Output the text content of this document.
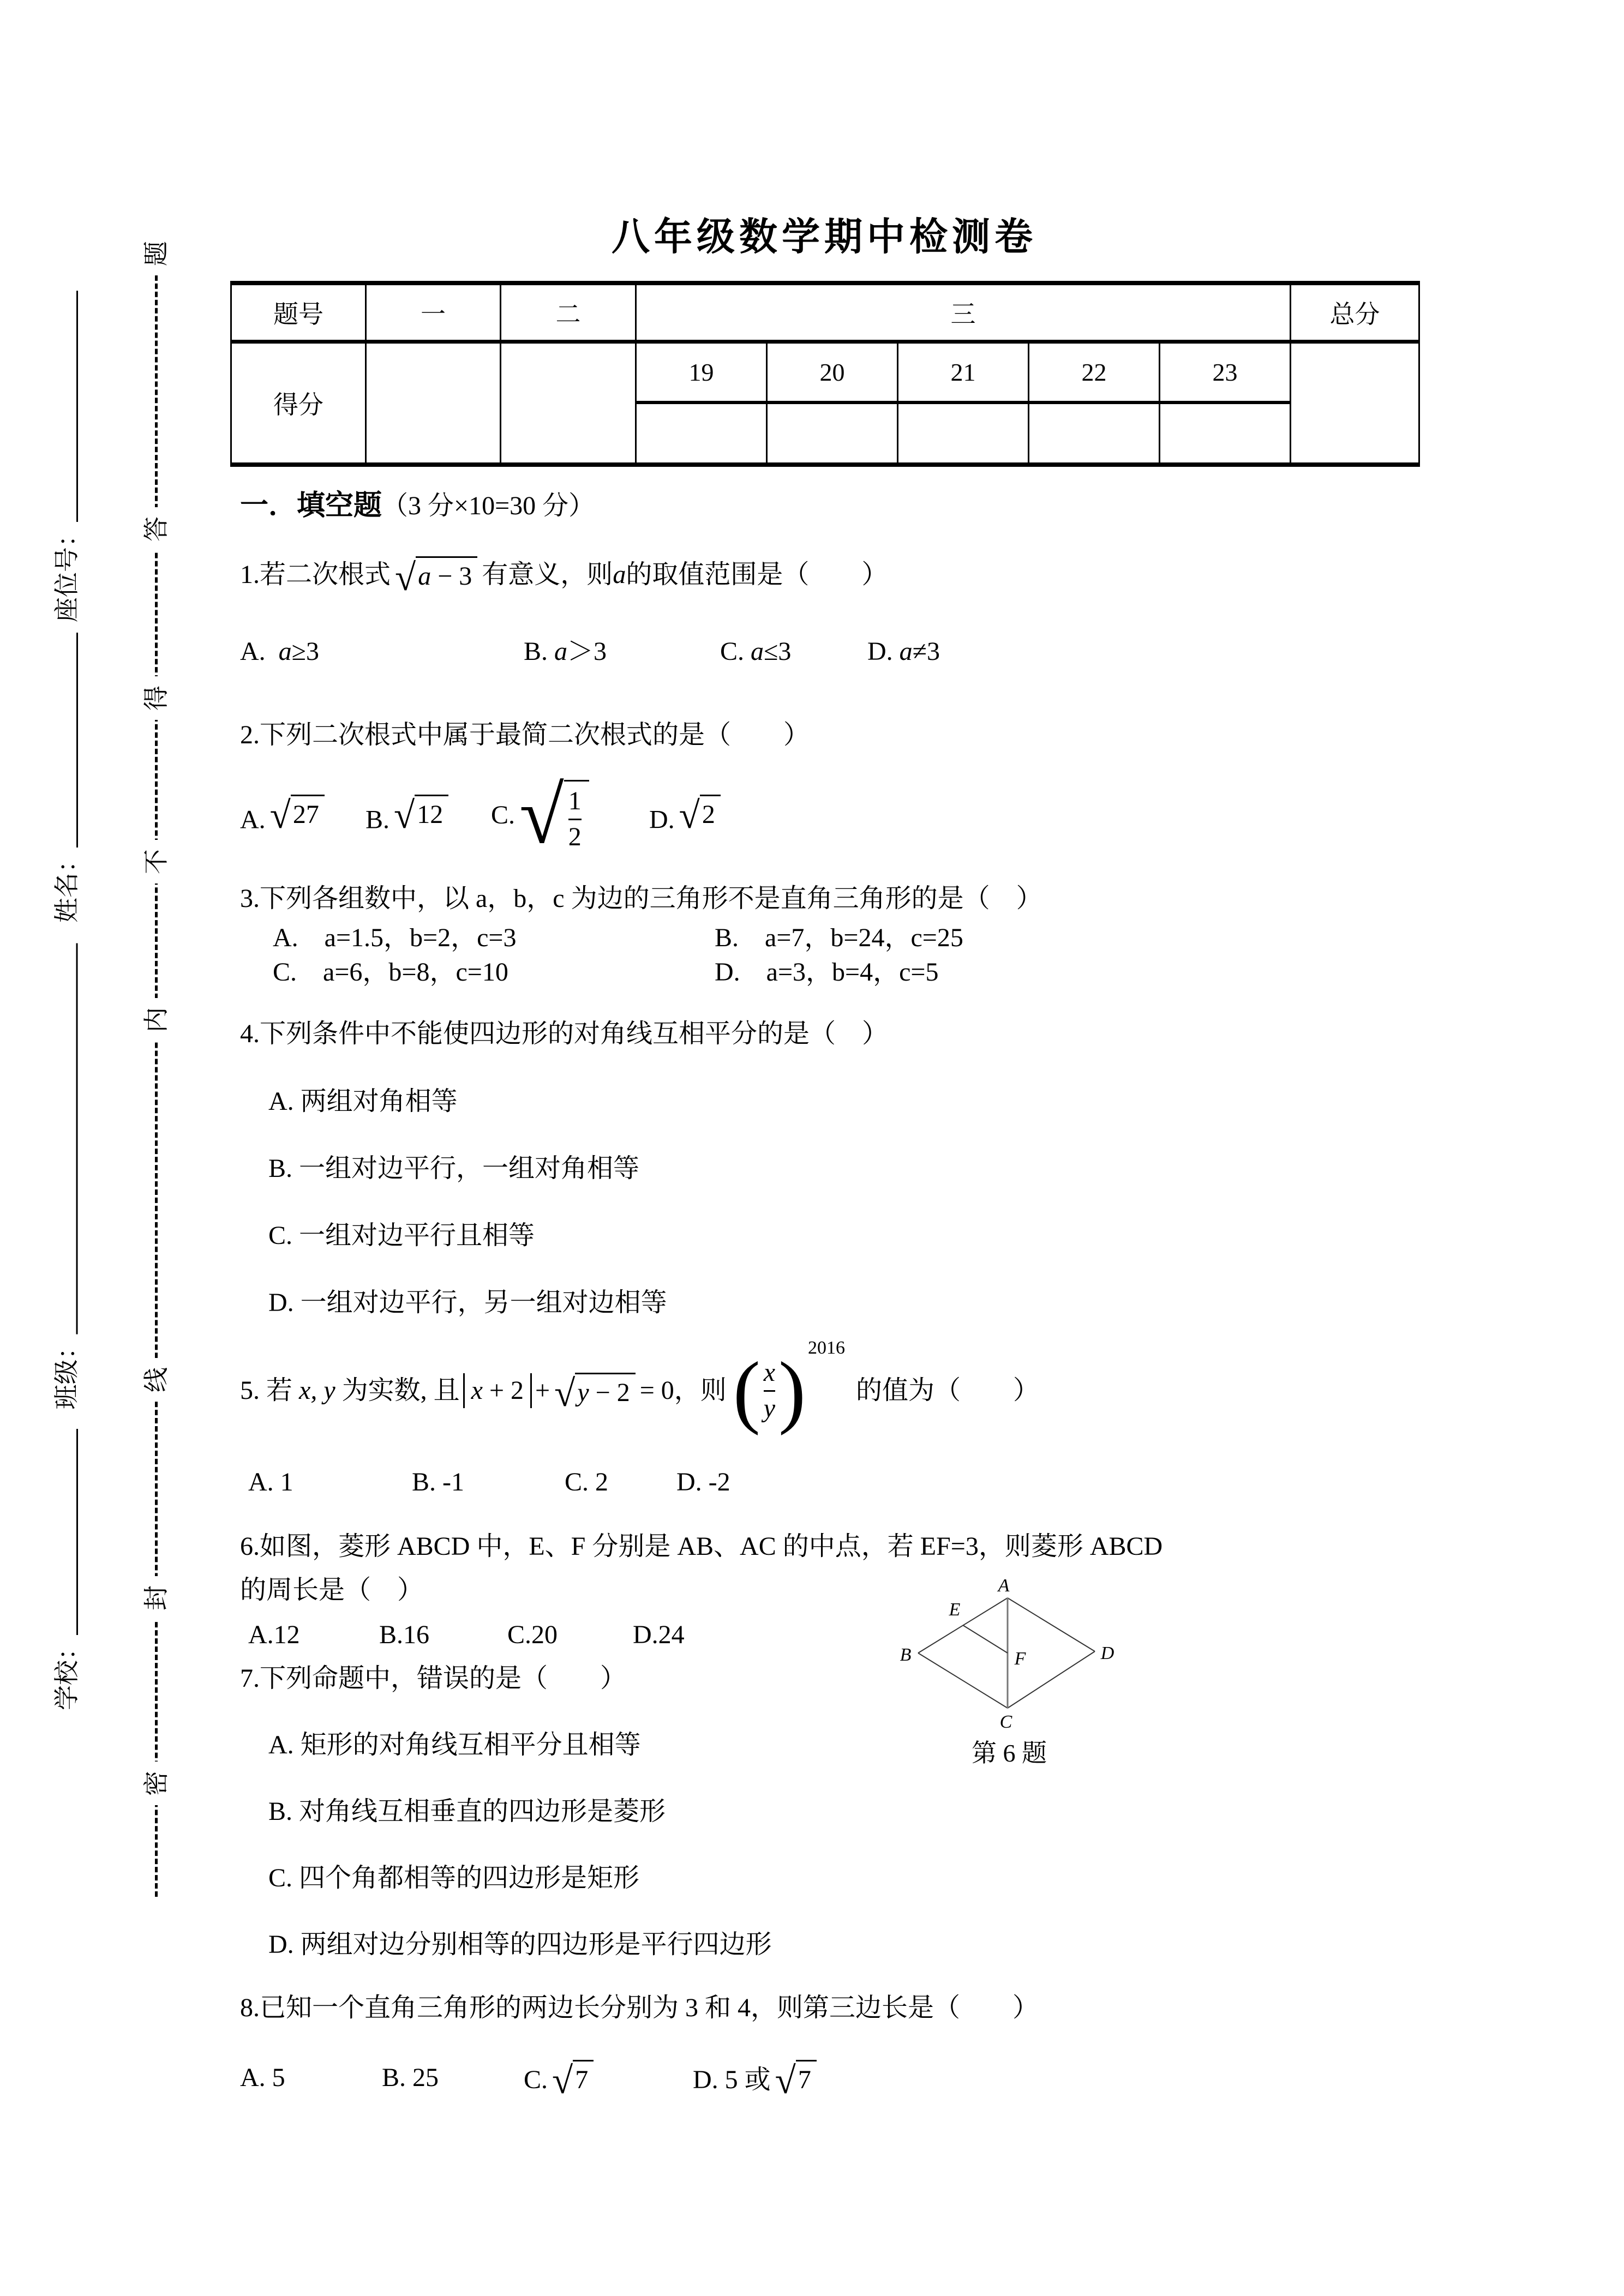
座位号：
姓名：
班级：
学校：
题
答
得
不
内
线
封
密
八年级数学期中检测卷
题号	一	二	三					总分
得分			19	20	21	22	23	

一．填空题 （3 分×10=30 分）
1.若二次根式 √ a − 3 有意义，则 a 的取值范围是（　　）
A. a≥3	B. a＞3	C. a≤3	D. a≠3
2.下列二次根式中属于最简二次根式的是（　　）
A. √ 27 B. √ 12 C. √ $\frac{1}{2}$	D. √ 2
3.下列各组数中，以 a，b，c 为边的三角形不是直角三角形的是（　）
A.　a=1.5，b=2，c=3	B.　a=7，b=24，c=25
C.　a=6，b=8，c=10	D.　a=3，b=4，c=5
4.下列条件中不能使四边形的对角线互相平分的是（　）
A. 两组对角相等
B. 一组对边平行，一组对角相等
C. 一组对边平行且相等
D. 一组对边平行，另一组对边相等
5. 若
x, y
为实数, 且 x + 2 + √ y − 2 = 0 ，则
( $\frac{x}{y}$ ) 2016
的值为（　　）
A. 1	B. -1	C. 2	D. -2
6.如图，菱形 ABCD 中，E、F 分别是 AB、AC 的中点，若 EF=3，则菱形 ABCD
的周长是（　）
A.12	B.16	C.20	D.24
A
B
C
D
E
F
第 6 题
7.下列命题中，错误的是（　　）
A. 矩形的对角线互相平分且相等
B. 对角线互相垂直的四边形是菱形
C. 四个角都相等的四边形是矩形
D. 两组对边分别相等的四边形是平行四边形
8.已知一个直角三角形的两边长分别为 3 和 4，则第三边长是（　　）
A. 5	B. 25	C. √ 7	D. 5 或 √ 7
